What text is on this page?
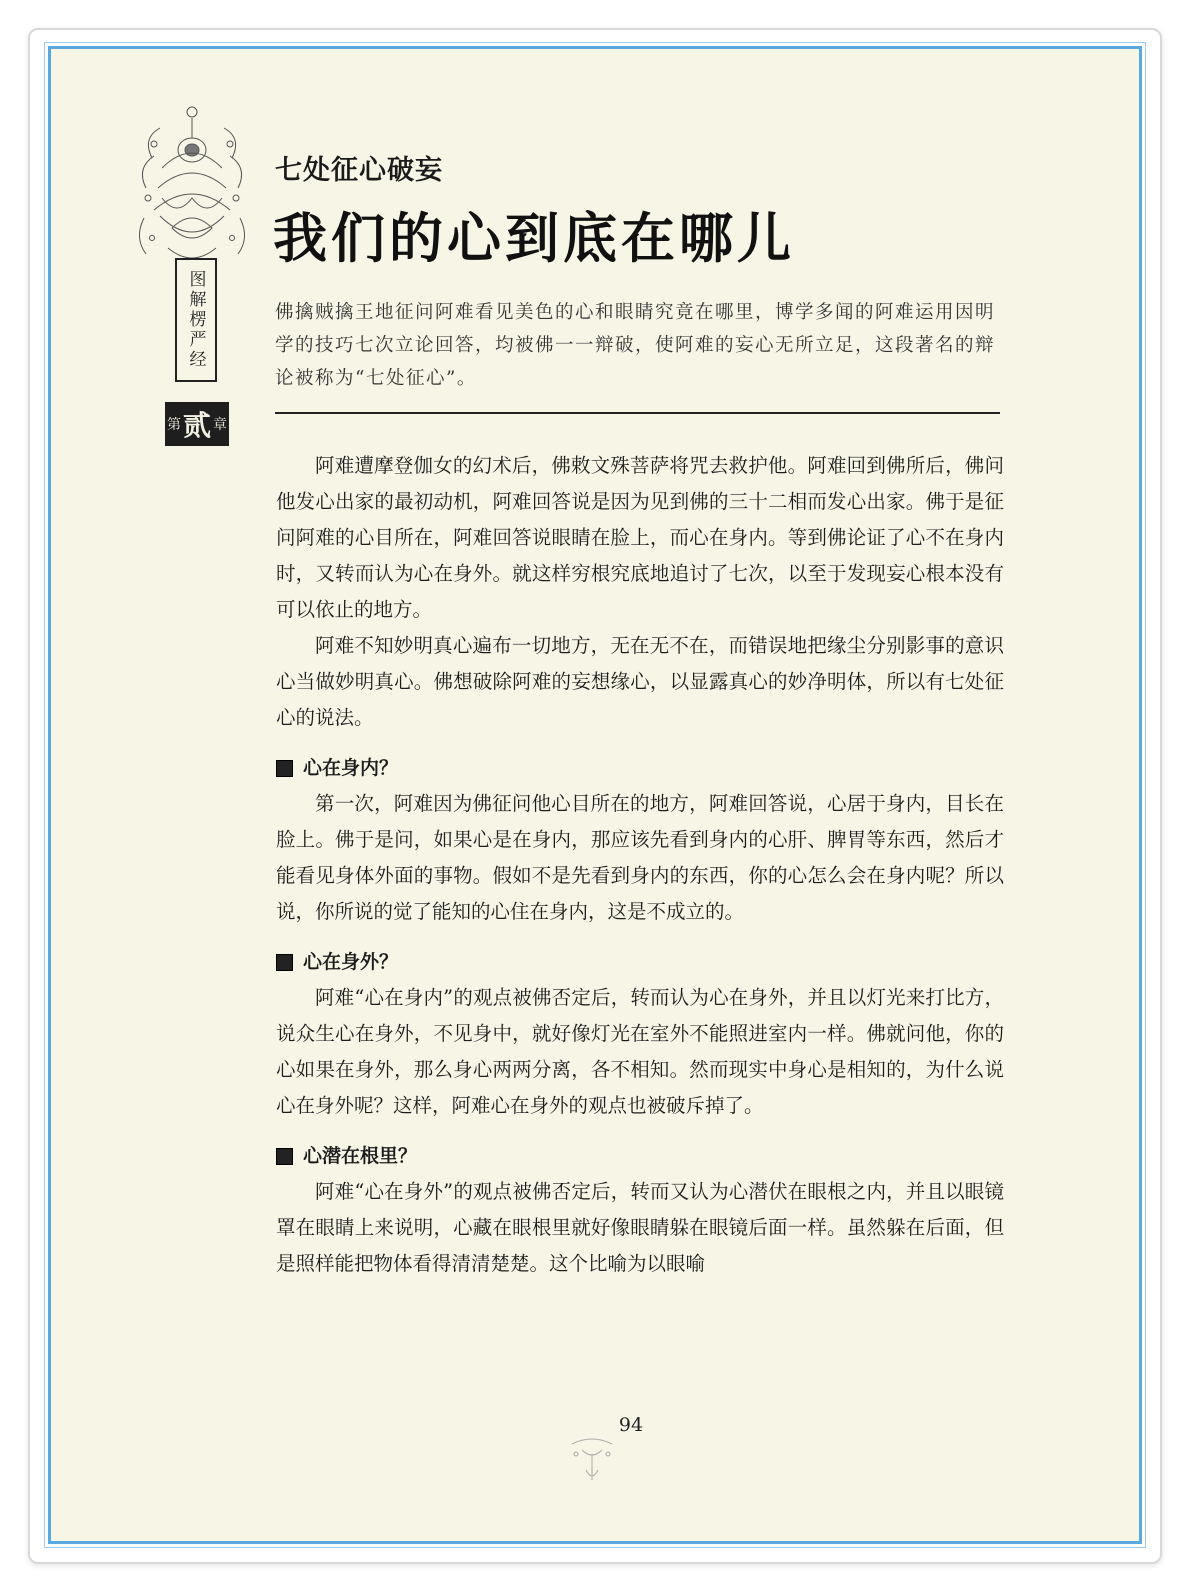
图解楞严经
第 贰 章
七处征心破妄
我们的心到底在哪儿

佛擒贼擒王地征问阿难看见美色的心和眼睛究竟在哪里，博学多闻的阿难运用因明学的技巧七次立论回答，均被佛一一辩破，使阿难的妄心无所立足，这段著名的辩论被称为“七处征心”。

阿难遭摩登伽女的幻术后，佛敕文殊菩萨将咒去救护他。阿难回到佛所后，佛问他发心出家的最初动机，阿难回答说是因为见到佛的三十二相而发心出家。佛于是征问阿难的心目所在，阿难回答说眼睛在脸上，而心在身内。等到佛论证了心不在身内时，又转而认为心在身外。就这样穷根究底地追讨了七次，以至于发现妄心根本没有可以依止的地方。

阿难不知妙明真心遍布一切地方，无在无不在，而错误地把缘尘分别影事的意识心当做妙明真心。佛想破除阿难的妄想缘心，以显露真心的妙净明体，所以有七处征心的说法。

心在身内？

第一次，阿难因为佛征问他心目所在的地方，阿难回答说，心居于身内，目长在脸上。佛于是问，如果心是在身内，那应该先看到身内的心肝、脾胃等东西，然后才能看见身体外面的事物。假如不是先看到身内的东西，你的心怎么会在身内呢？所以说，你所说的觉了能知的心住在身内，这是不成立的。

心在身外？

阿难“心在身内”的观点被佛否定后，转而认为心在身外，并且以灯光来打比方，说众生心在身外，不见身中，就好像灯光在室外不能照进室内一样。佛就问他，你的心如果在身外，那么身心两两分离，各不相知。然而现实中身心是相知的，为什么说心在身外呢？这样，阿难心在身外的观点也被破斥掉了。

心潜在根里？

阿难“心在身外”的观点被佛否定后，转而又认为心潜伏在眼根之内，并且以眼镜罩在眼睛上来说明，心藏在眼根里就好像眼睛躲在眼镜后面一样。虽然躲在后面，但是照样能把物体看得清清楚楚。这个比喻为以眼喻

94
